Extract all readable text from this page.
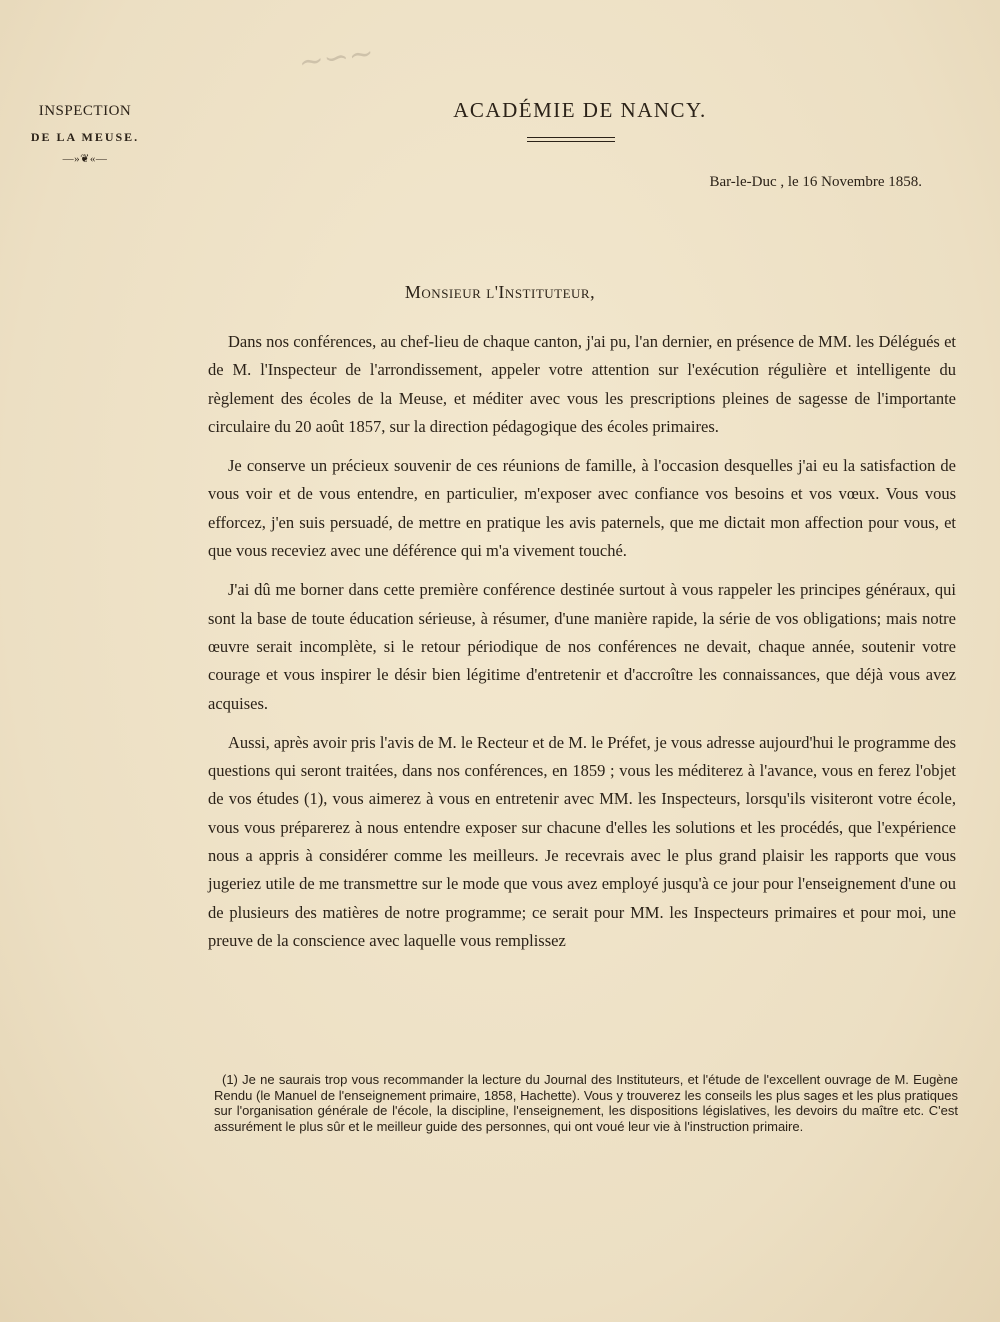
∼∽∼
INSPECTION
DE LA MEUSE.
—»❦«—
ACADÉMIE DE NANCY.
Bar-le-Duc , le 16 Novembre 1858.
Monsieur l'Instituteur,

Dans nos conférences, au chef-lieu de chaque canton, j'ai pu, l'an dernier, en présence de MM. les Délégués et de M. l'Inspecteur de l'arrondissement, appeler votre attention sur l'exécution régulière et intelligente du règlement des écoles de la Meuse, et méditer avec vous les prescriptions pleines de sagesse de l'importante circulaire du 20 août 1857, sur la direction pédagogique des écoles primaires.

Je conserve un précieux souvenir de ces réunions de famille, à l'occasion desquelles j'ai eu la satisfaction de vous voir et de vous entendre, en particulier, m'exposer avec confiance vos besoins et vos vœux. Vous vous efforcez, j'en suis persuadé, de mettre en pratique les avis paternels, que me dictait mon affection pour vous, et que vous receviez avec une déférence qui m'a vivement touché.

J'ai dû me borner dans cette première conférence destinée surtout à vous rappeler les principes généraux, qui sont la base de toute éducation sérieuse, à résumer, d'une manière rapide, la série de vos obligations; mais notre œuvre serait incomplète, si le retour périodique de nos conférences ne devait, chaque année, soutenir votre courage et vous inspirer le désir bien légitime d'entretenir et d'accroître les connaissances, que déjà vous avez acquises.

Aussi, après avoir pris l'avis de M. le Recteur et de M. le Préfet, je vous adresse aujourd'hui le programme des questions qui seront traitées, dans nos conférences, en 1859 ; vous les méditerez à l'avance, vous en ferez l'objet de vos études (1), vous aimerez à vous en entretenir avec MM. les Inspecteurs, lorsqu'ils visiteront votre école, vous vous préparerez à nous entendre exposer sur chacune d'elles les solutions et les procédés, que l'expérience nous a appris à considérer comme les meilleurs. Je recevrais avec le plus grand plaisir les rapports que vous jugeriez utile de me transmettre sur le mode que vous avez employé jusqu'à ce jour pour l'enseignement d'une ou de plusieurs des matières de notre programme; ce serait pour MM. les Inspecteurs primaires et pour moi, une preuve de la conscience avec laquelle vous remplissez

(1) Je ne saurais trop vous recommander la lecture du Journal des Instituteurs, et l'étude de l'excellent ouvrage de M. Eugène Rendu (le Manuel de l'enseignement primaire, 1858, Hachette). Vous y trouverez les conseils les plus sages et les plus pratiques sur l'organisation générale de l'école, la discipline, l'enseignement, les dispositions législatives, les devoirs du maître etc. C'est assurément le plus sûr et le meilleur guide des personnes, qui ont voué leur vie à l'instruction primaire.
